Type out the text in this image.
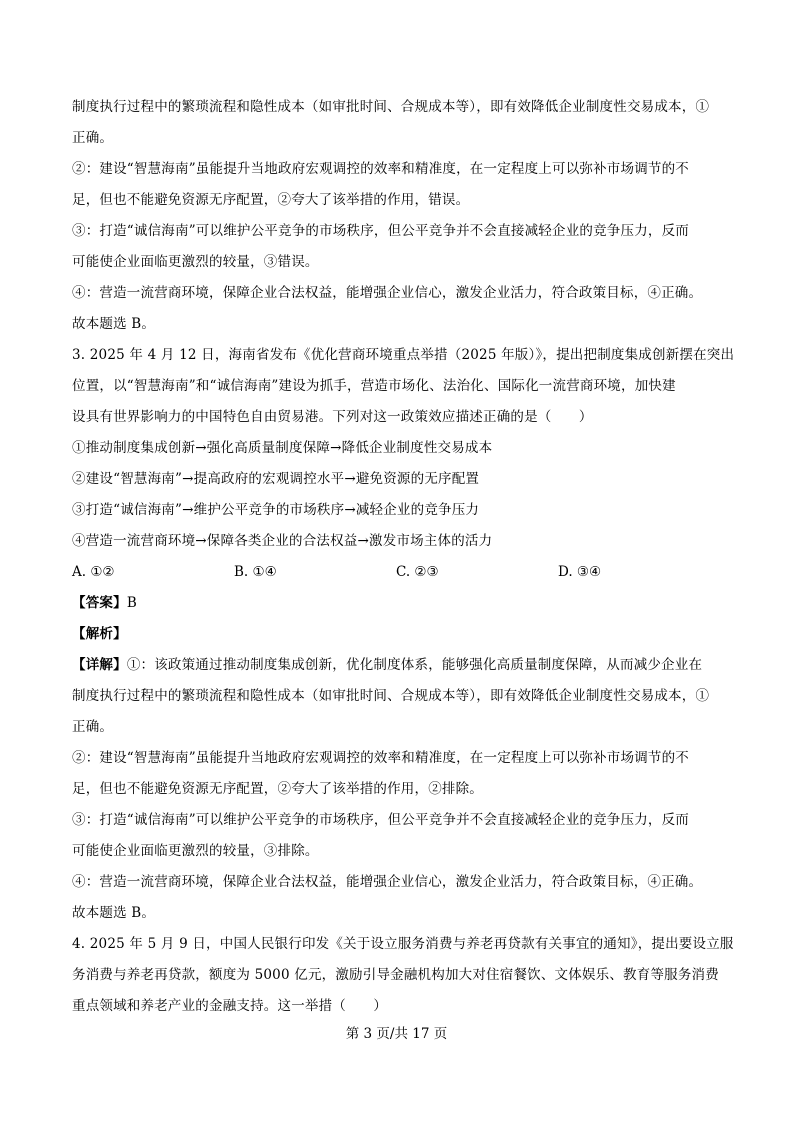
制度执行过程中的繁琐流程和隐性成本（如审批时间、合规成本等），即有效降低企业制度性交易成本，①
正确。
②：建设“智慧海南”虽能提升当地政府宏观调控的效率和精准度，在一定程度上可以弥补市场调节的不
足，但也不能避免资源无序配置，②夸大了该举措的作用，错误。
③：打造“诚信海南”可以维护公平竞争的市场秩序，但公平竞争并不会直接减轻企业的竞争压力，反而
可能使企业面临更激烈的较量，③错误。
④：营造一流营商环境，保障企业合法权益，能增强企业信心，激发企业活力，符合政策目标，④正确。
故本题选 B。
3. 2025 年 4 月 12 日，海南省发布《优化营商环境重点举措（2025 年版）》，提出把制度集成创新摆在突出
位置，以“智慧海南”和“诚信海南”建设为抓手，营造市场化、法治化、国际化一流营商环境，加快建
设具有世界影响力的中国特色自由贸易港。下列对这一政策效应描述正确的是（　　）
①推动制度集成创新→强化高质量制度保障→降低企业制度性交易成本
②建设“智慧海南”→提高政府的宏观调控水平→避免资源的无序配置
③打造“诚信海南”→维护公平竞争的市场秩序→减轻企业的竞争压力
④营造一流营商环境→保障各类企业的合法权益→激发市场主体的活力
A. ①②	B. ①④	C. ②③	D. ③④
【答案】B
【解析】
【详解】①：该政策通过推动制度集成创新，优化制度体系，能够强化高质量制度保障，从而减少企业在
制度执行过程中的繁琐流程和隐性成本（如审批时间、合规成本等），即有效降低企业制度性交易成本，①
正确。
②：建设“智慧海南”虽能提升当地政府宏观调控的效率和精准度，在一定程度上可以弥补市场调节的不
足，但也不能避免资源无序配置，②夸大了该举措的作用，②排除。
③：打造“诚信海南”可以维护公平竞争的市场秩序，但公平竞争并不会直接减轻企业的竞争压力，反而
可能使企业面临更激烈的较量，③排除。
④：营造一流营商环境，保障企业合法权益，能增强企业信心，激发企业活力，符合政策目标，④正确。
故本题选 B。
4. 2025 年 5 月 9 日，中国人民银行印发《关于设立服务消费与养老再贷款有关事宜的通知》，提出要设立服
务消费与养老再贷款，额度为 5000 亿元，激励引导金融机构加大对住宿餐饮、文体娱乐、教育等服务消费
重点领域和养老产业的金融支持。这一举措（　　）
第 3 页/共 17 页
